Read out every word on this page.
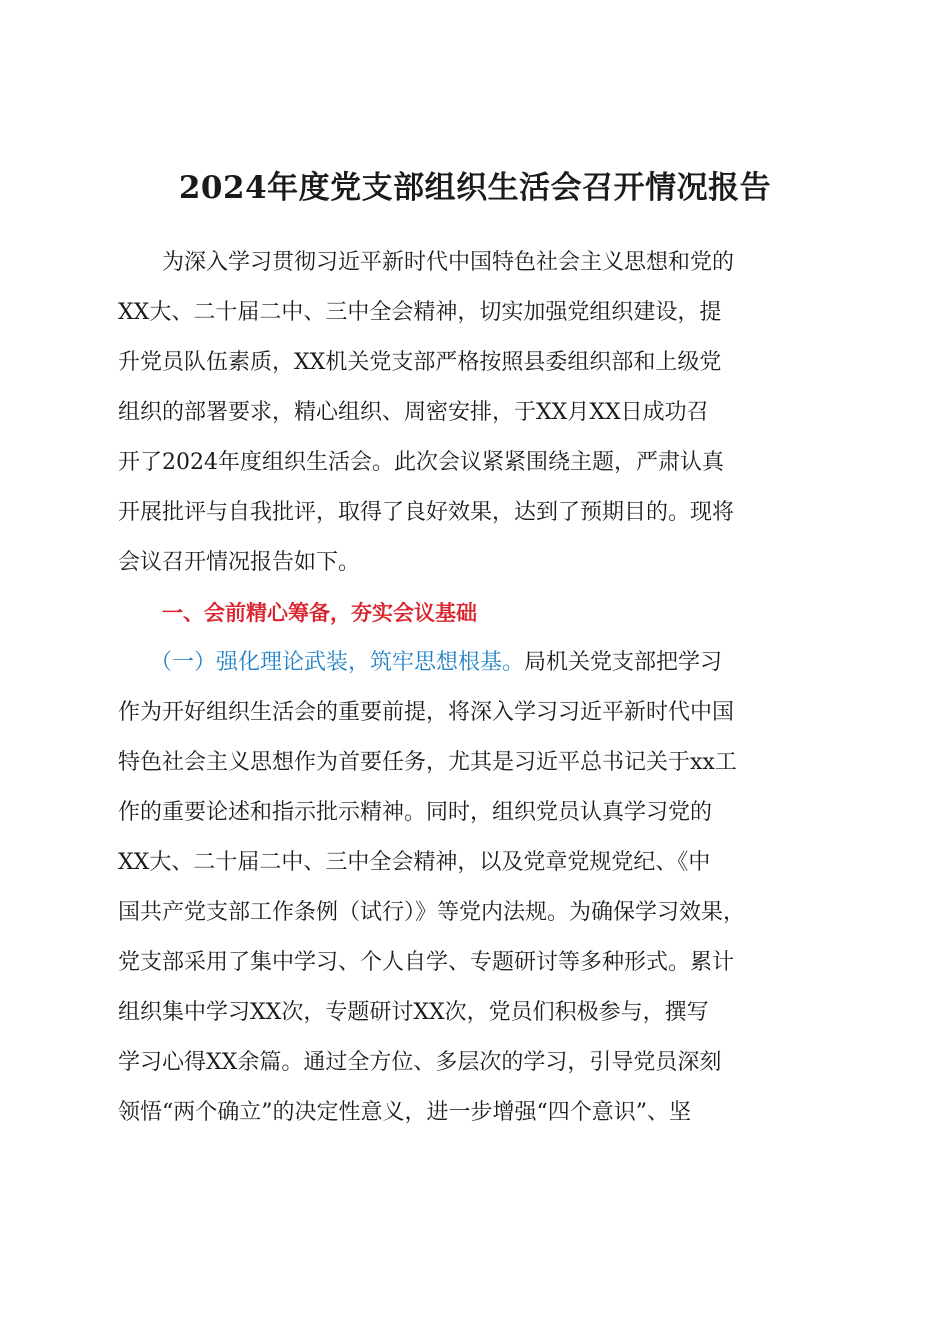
2024年度党支部组织生活会召开情况报告
为深入学习贯彻习近平新时代中国特色社会主义思想和党的
XX大、二十届二中、三中全会精神，切实加强党组织建设，提
升党员队伍素质，XX机关党支部严格按照县委组织部和上级党
组织的部署要求，精心组织、周密安排，于XX月XX日成功召
开了2024年度组织生活会。此次会议紧紧围绕主题，严肃认真
开展批评与自我批评，取得了良好效果，达到了预期目的。现将
会议召开情况报告如下。
一、会前精心筹备，夯实会议基础
（一）强化理论武装，筑牢思想根基。局机关党支部把学习
作为开好组织生活会的重要前提，将深入学习习近平新时代中国
特色社会主义思想作为首要任务，尤其是习近平总书记关于xx工
作的重要论述和指示批示精神。同时，组织党员认真学习党的
XX大、二十届二中、三中全会精神，以及党章党规党纪、《中
国共产党支部工作条例（试行）》等党内法规。为确保学习效果，
党支部采用了集中学习、个人自学、专题研讨等多种形式。累计
组织集中学习XX次，专题研讨XX次，党员们积极参与，撰写
学习心得XX余篇。通过全方位、多层次的学习，引导党员深刻
领悟“两个确立”的决定性意义，进一步增强“四个意识”、坚
